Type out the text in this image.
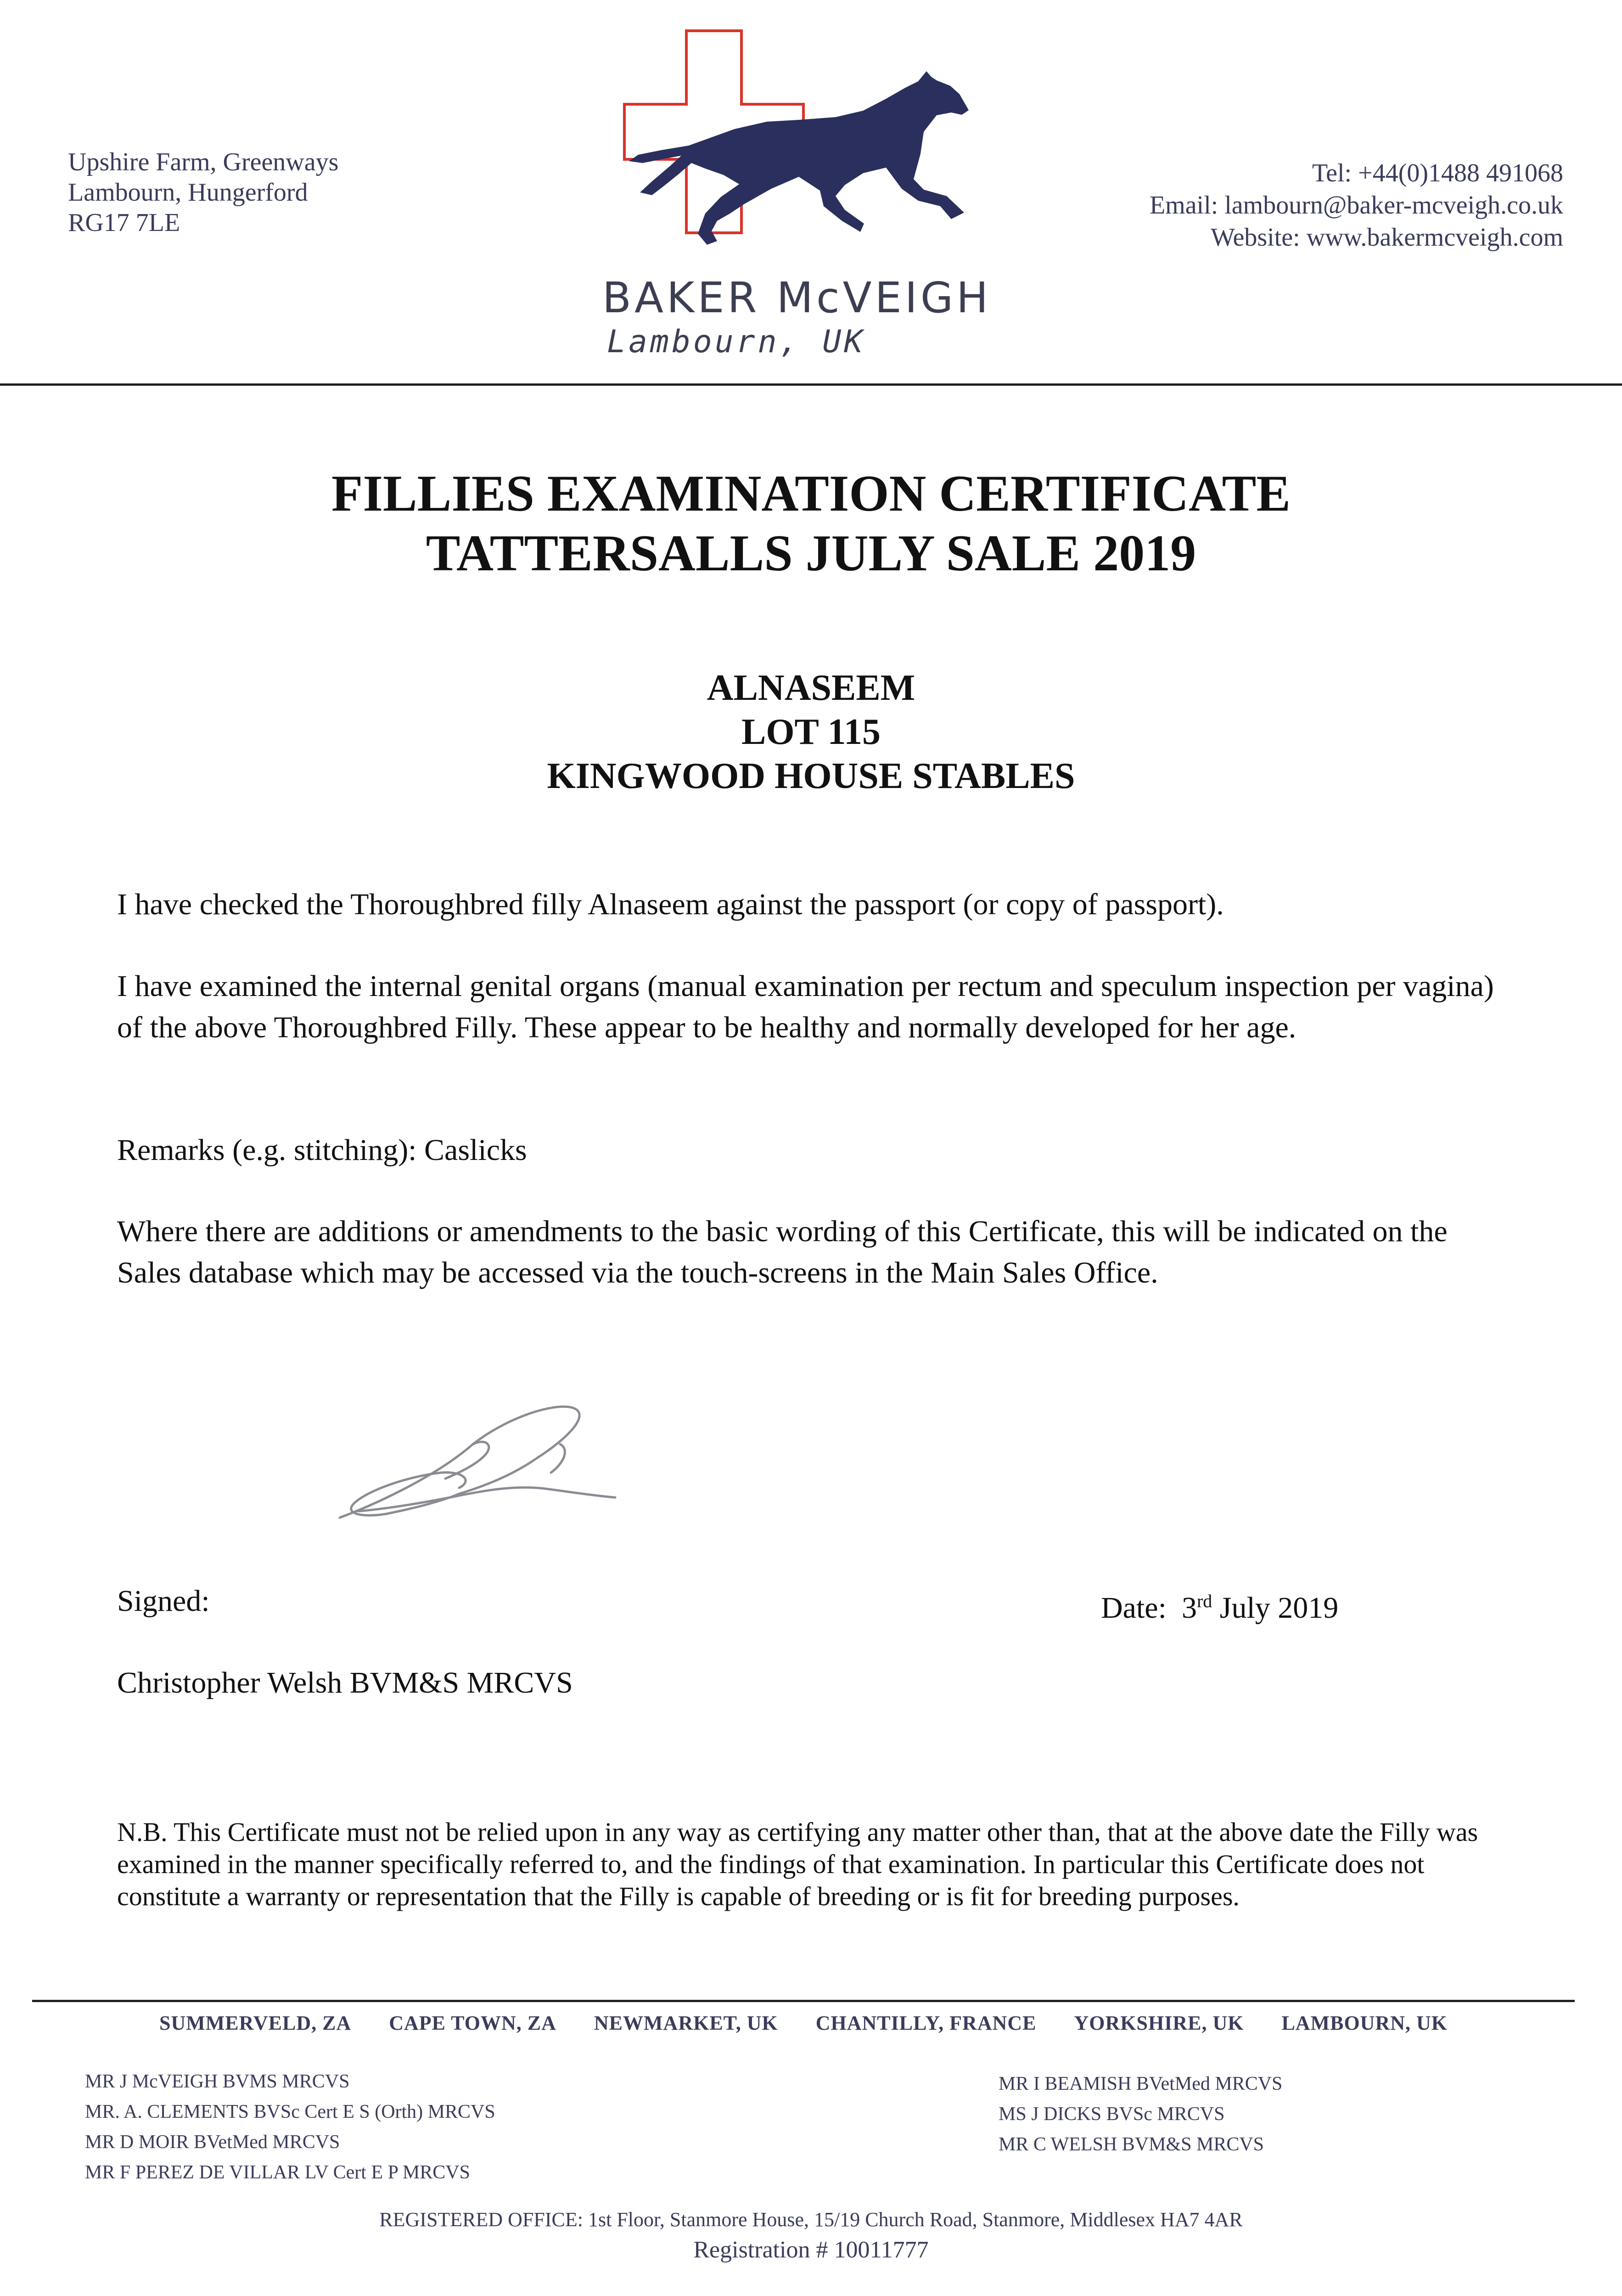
Upshire Farm, Greenways
Lambourn, Hungerford
RG17 7LE
Tel: +44(0)1488 491068
Email: lambourn@baker-mcveigh.co.uk
Website: www.bakermcveigh.com
BAKER McVEIGH
Lambourn, UK
FILLIES EXAMINATION CERTIFICATE
TATTERSALLS JULY SALE 2019
ALNASEEM
LOT 115
KINGWOOD HOUSE STABLES
I have checked the Thoroughbred filly Alnaseem against the passport (or copy of passport).
I have examined the internal genital organs (manual examination per rectum and speculum inspection per vagina) of the above Thoroughbred Filly. These appear to be healthy and normally developed for her age.
Remarks (e.g. stitching): Caslicks
Where there are additions or amendments to the basic wording of this Certificate, this will be indicated on the Sales database which may be accessed via the touch-screens in the Main Sales Office.
Signed:	Date: 3rd July 2019
Christopher Welsh BVM&S MRCVS
N.B. This Certificate must not be relied upon in any way as certifying any matter other than, that at the above date the Filly was examined in the manner specifically referred to, and the findings of that examination. In particular this Certificate does not constitute a warranty or representation that the Filly is capable of breeding or is fit for breeding purposes.
SUMMERVELD, ZA CAPE TOWN, ZA NEWMARKET, UK CHANTILLY, FRANCE YORKSHIRE, UK LAMBOURN, UK
MR J McVEIGH BVMS MRCVS
MR. A. CLEMENTS BVSc Cert E S (Orth) MRCVS
MR D MOIR BVetMed MRCVS
MR F PEREZ DE VILLAR LV Cert E P MRCVS
MR I BEAMISH BVetMed MRCVS
MS J DICKS BVSc MRCVS
MR C WELSH BVM&S MRCVS
REGISTERED OFFICE: 1st Floor, Stanmore House, 15/19 Church Road, Stanmore, Middlesex HA7 4AR
Registration # 10011777
